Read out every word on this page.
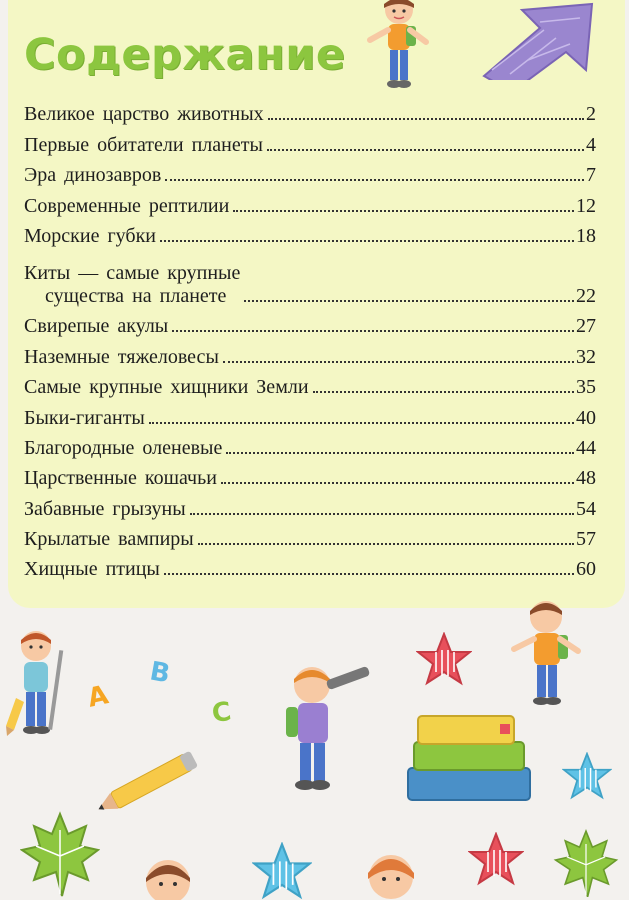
Содержание
Великое царство животных	2
Первые обитатели планеты	4
Эра динозавров	7
Современные рептилии	12
Морские губки	18
Киты — самые крупные
существа на планете	22
Свирепые акулы	27
Наземные тяжеловесы	32
Самые крупные хищники Земли	35
Быки-гиганты	40
Благородные оленевые	44
Царственные кошачьи	48
Забавные грызуны	54
Крылатые вампиры	57
Хищные птицы	60
A
B
C
